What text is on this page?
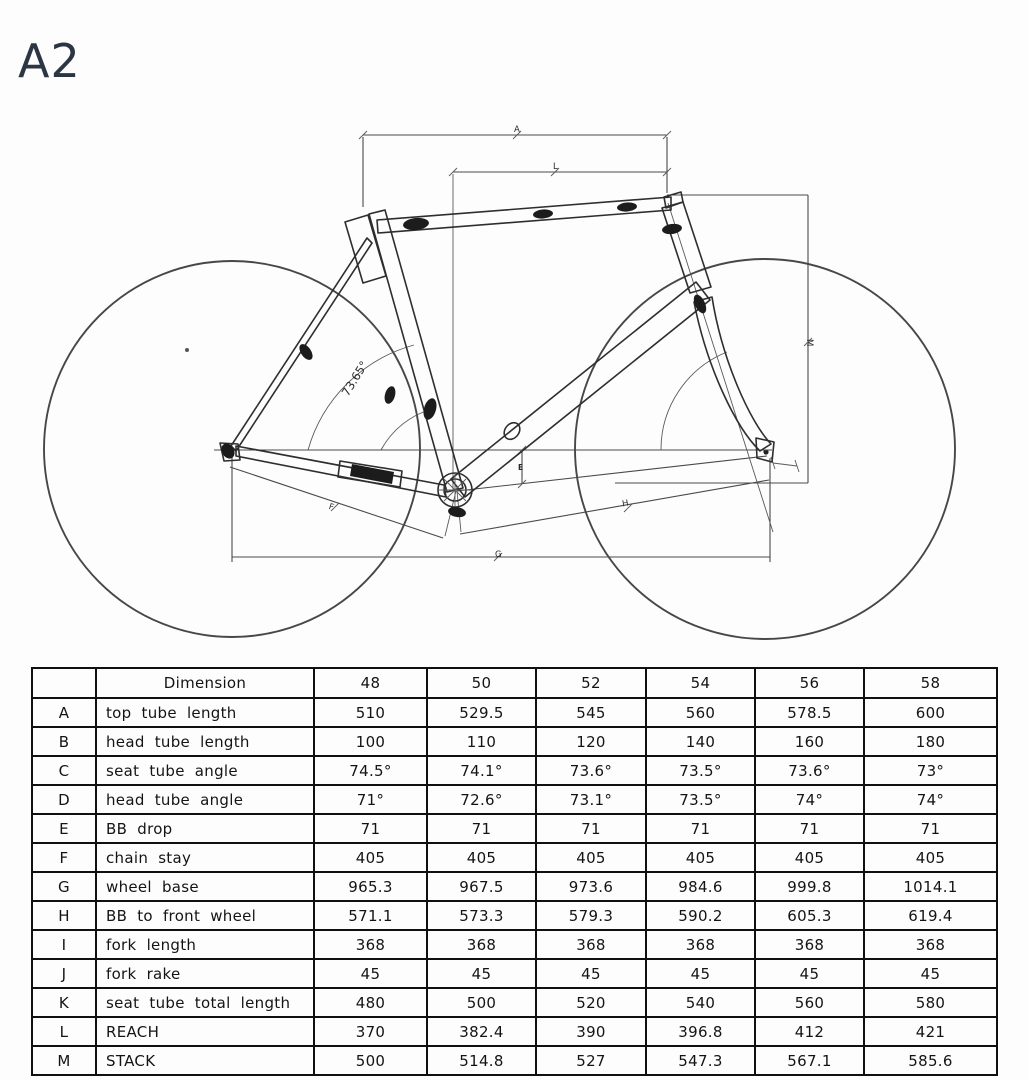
A2
73.65°
A
L
M
E
F
G
H
	Dimension	48	50	52	54	56	58
A	top tube length	510	529.5	545	560	578.5	600
B	head tube length	100	110	120	140	160	180
C	seat tube angle	74.5°	74.1°	73.6°	73.5°	73.6°	73°
D	head tube angle	71°	72.6°	73.1°	73.5°	74°	74°
E	BB drop	71	71	71	71	71	71
F	chain stay	405	405	405	405	405	405
G	wheel base	965.3	967.5	973.6	984.6	999.8	1014.1
H	BB to front wheel	571.1	573.3	579.3	590.2	605.3	619.4
I	fork length	368	368	368	368	368	368
J	fork rake	45	45	45	45	45	45
K	seat tube total length	480	500	520	540	560	580
L	REACH	370	382.4	390	396.8	412	421
M	STACK	500	514.8	527	547.3	567.1	585.6
